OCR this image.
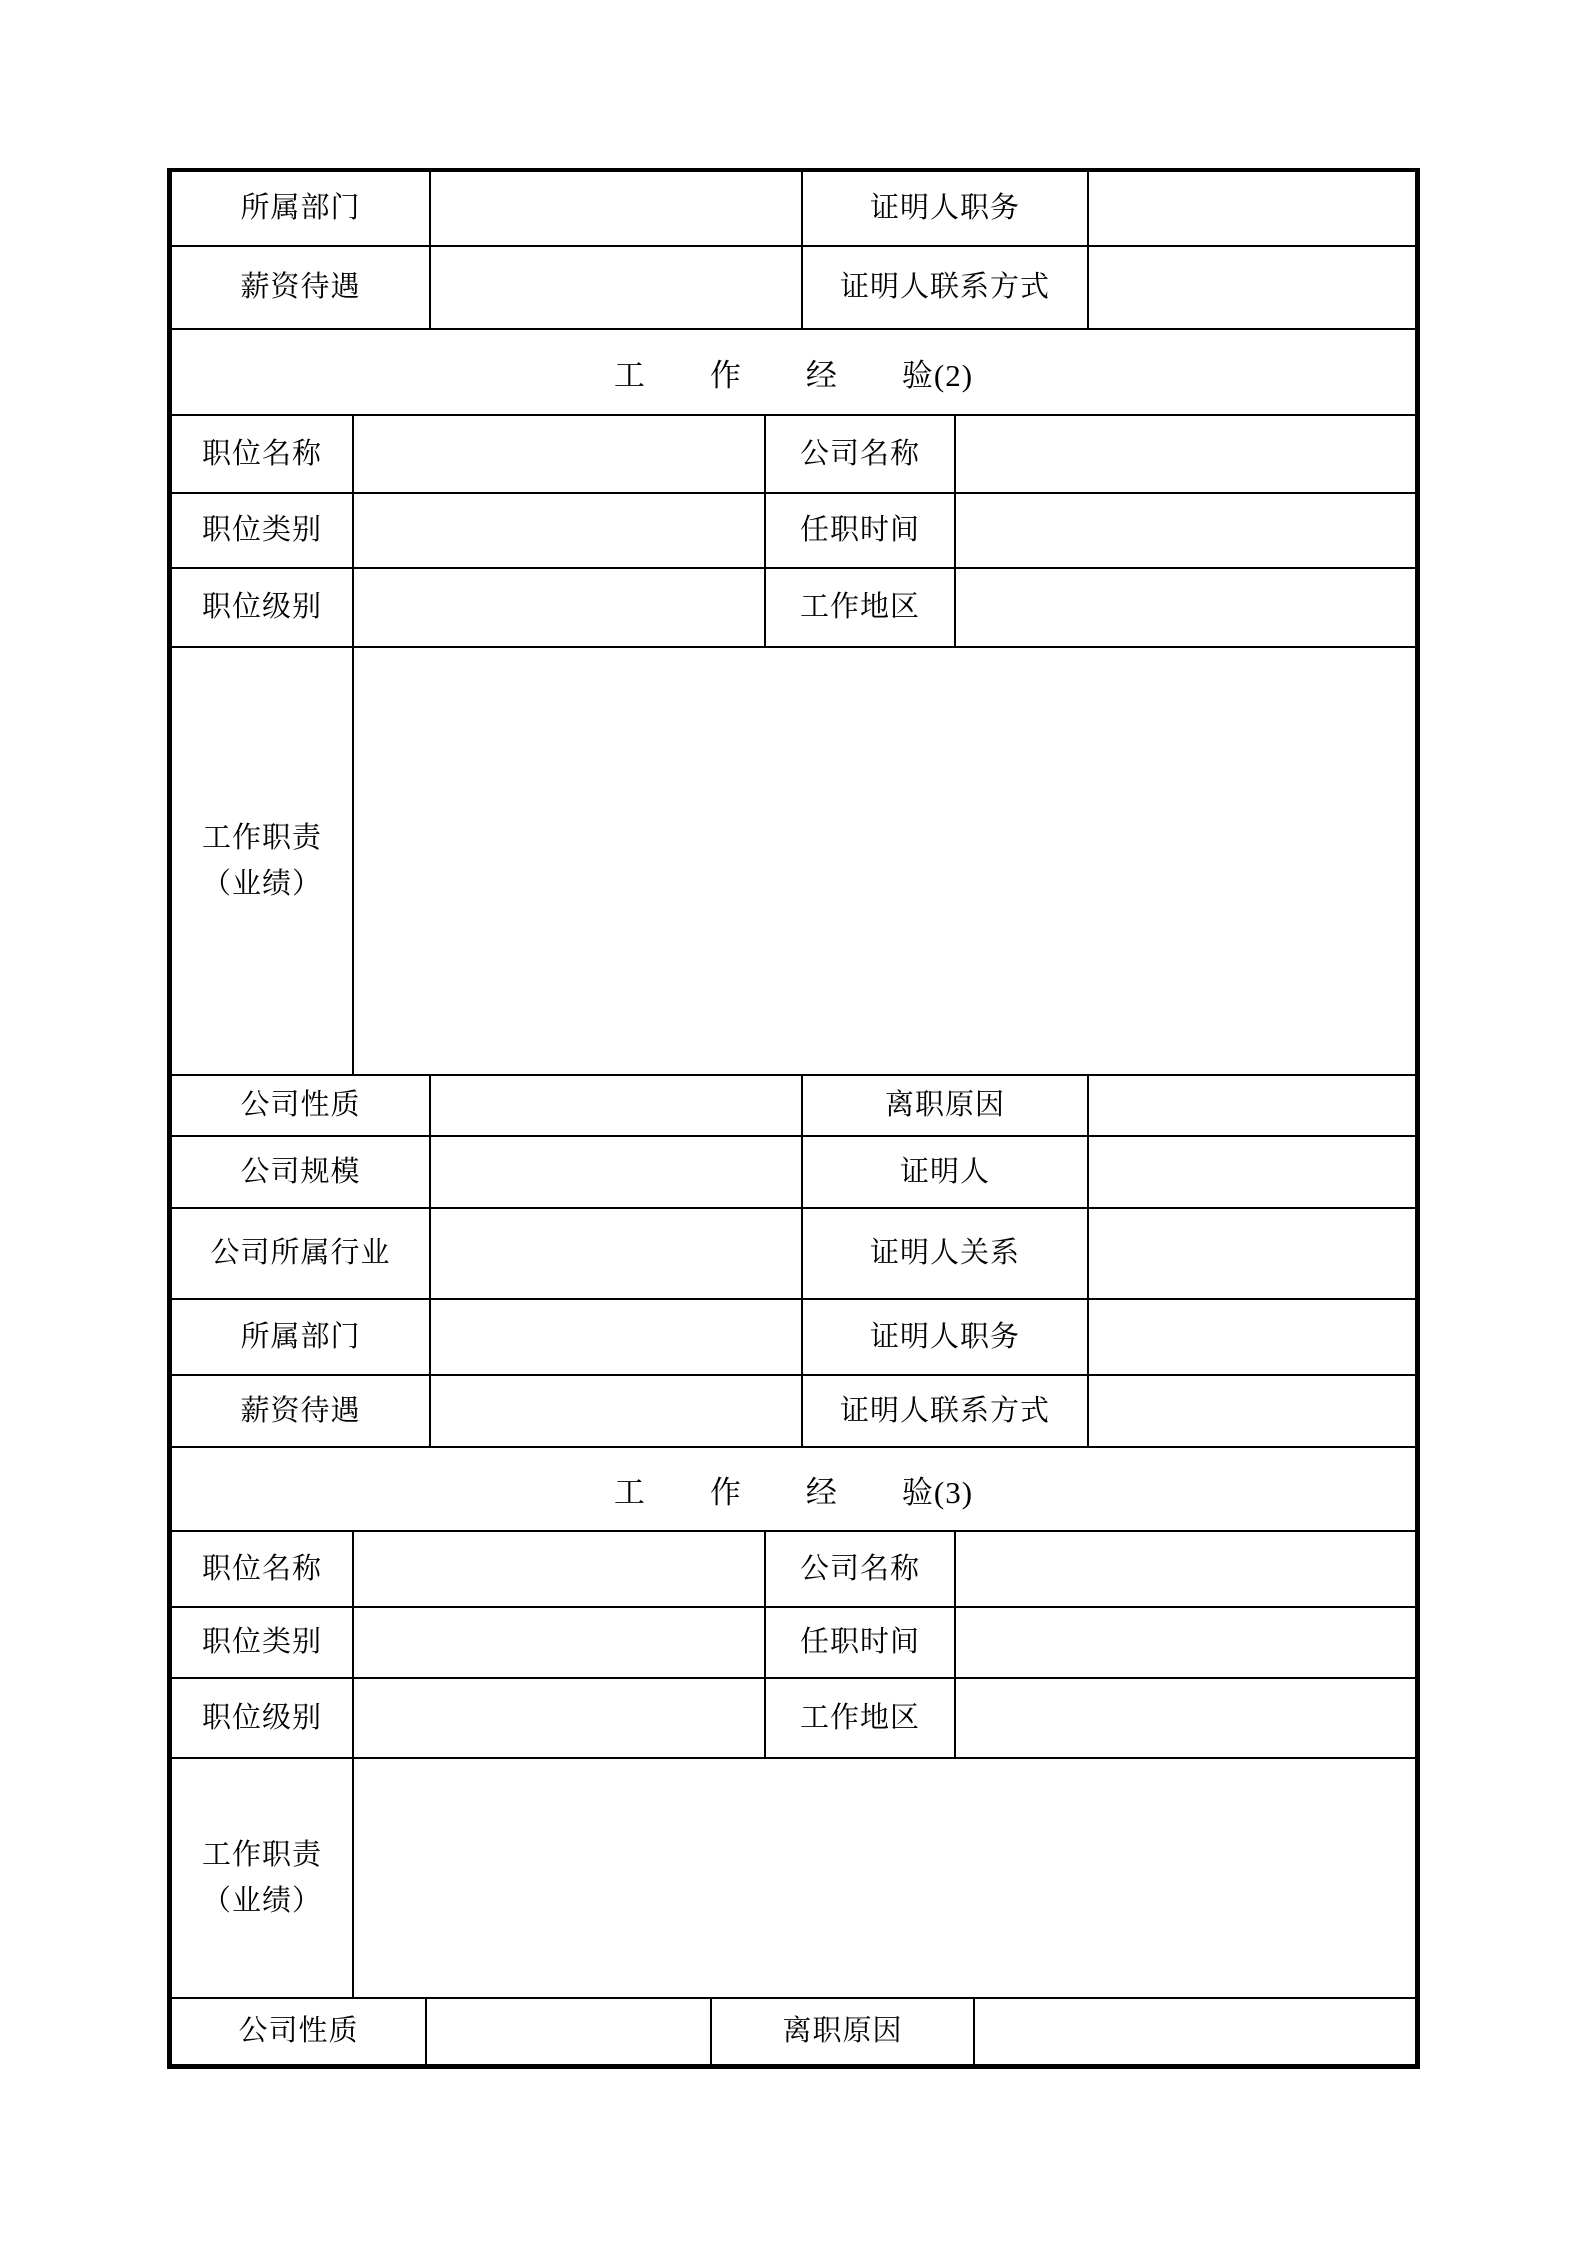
所属部门	证明人职务
薪资待遇	证明人联系方式
工　　作　　经　　验(2)
职位名称	公司名称
职位类别	任职时间
职位级别	工作地区
工作职责
（业绩）
公司性质	离职原因
公司规模	证明人
公司所属行业	证明人关系
所属部门	证明人职务
薪资待遇	证明人联系方式
工　　作　　经　　验(3)
职位名称	公司名称
职位类别	任职时间
职位级别	工作地区
工作职责
（业绩）
公司性质	离职原因
